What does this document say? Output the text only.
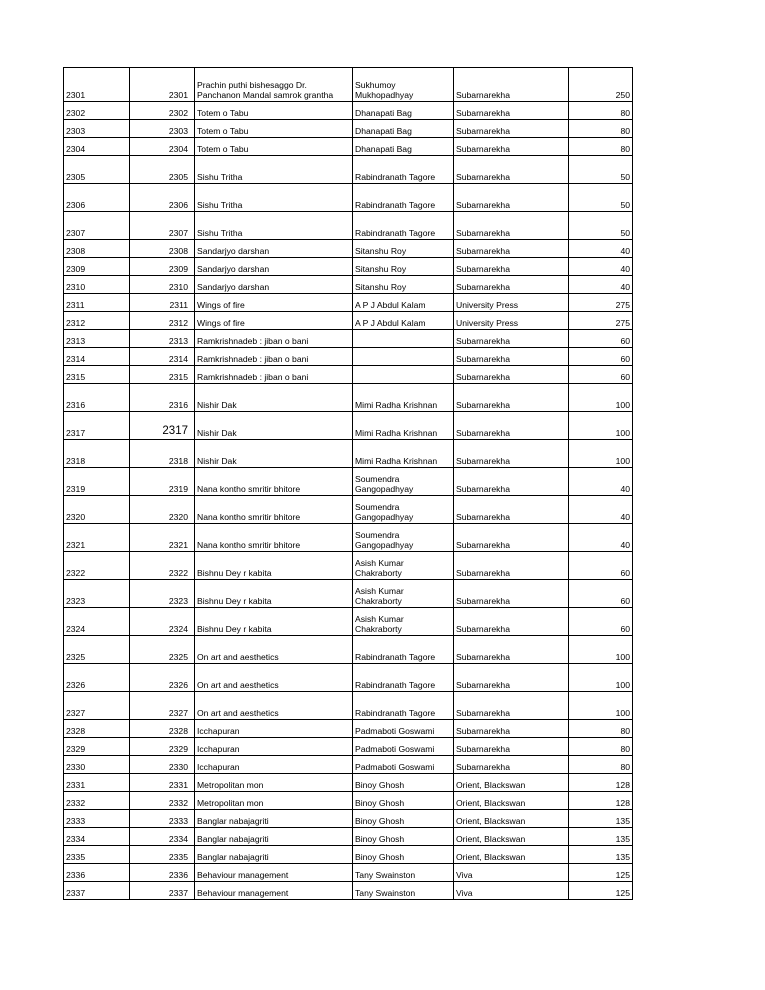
2301	2301	Prachin puthi bishesaggo Dr. Panchanon Mandal samrok grantha	Sukhumoy Mukhopadhyay	Subarnarekha	250
2302	2302	Totem o Tabu	Dhanapati Bag	Subarnarekha	80
2303	2303	Totem o Tabu	Dhanapati Bag	Subarnarekha	80
2304	2304	Totem o Tabu	Dhanapati Bag	Subarnarekha	80
2305	2305	Sishu Tritha	Rabindranath Tagore	Subarnarekha	50
2306	2306	Sishu Tritha	Rabindranath Tagore	Subarnarekha	50
2307	2307	Sishu Tritha	Rabindranath Tagore	Subarnarekha	50
2308	2308	Sandarjyo darshan	Sitanshu Roy	Subarnarekha	40
2309	2309	Sandarjyo darshan	Sitanshu Roy	Subarnarekha	40
2310	2310	Sandarjyo darshan	Sitanshu Roy	Subarnarekha	40
2311	2311	Wings of fire	A P J Abdul Kalam	University Press	275
2312	2312	Wings of fire	A P J Abdul Kalam	University Press	275
2313	2313	Ramkrishnadeb : jiban o bani		Subarnarekha	60
2314	2314	Ramkrishnadeb : jiban o bani		Subarnarekha	60
2315	2315	Ramkrishnadeb : jiban o bani		Subarnarekha	60
2316	2316	Nishir Dak	Mimi Radha Krishnan	Subarnarekha	100
2317	2317	Nishir Dak	Mimi Radha Krishnan	Subarnarekha	100
2318	2318	Nishir Dak	Mimi Radha Krishnan	Subarnarekha	100
2319	2319	Nana kontho smritir bhitore	Soumendra Gangopadhyay	Subarnarekha	40
2320	2320	Nana kontho smritir bhitore	Soumendra Gangopadhyay	Subarnarekha	40
2321	2321	Nana kontho smritir bhitore	Soumendra Gangopadhyay	Subarnarekha	40
2322	2322	Bishnu Dey r kabita	Asish Kumar Chakraborty	Subarnarekha	60
2323	2323	Bishnu Dey r kabita	Asish Kumar Chakraborty	Subarnarekha	60
2324	2324	Bishnu Dey r kabita	Asish Kumar Chakraborty	Subarnarekha	60
2325	2325	On art and aesthetics	Rabindranath Tagore	Subarnarekha	100
2326	2326	On art and aesthetics	Rabindranath Tagore	Subarnarekha	100
2327	2327	On art and aesthetics	Rabindranath Tagore	Subarnarekha	100
2328	2328	Icchapuran	Padmaboti Goswami	Subarnarekha	80
2329	2329	Icchapuran	Padmaboti Goswami	Subarnarekha	80
2330	2330	Icchapuran	Padmaboti Goswami	Subarnarekha	80
2331	2331	Metropolitan mon	Binoy Ghosh	Orient, Blackswan	128
2332	2332	Metropolitan mon	Binoy Ghosh	Orient, Blackswan	128
2333	2333	Banglar nabajagriti	Binoy Ghosh	Orient, Blackswan	135
2334	2334	Banglar nabajagriti	Binoy Ghosh	Orient, Blackswan	135
2335	2335	Banglar nabajagriti	Binoy Ghosh	Orient, Blackswan	135
2336	2336	Behaviour management	Tany Swainston	Viva	125
2337	2337	Behaviour management	Tany Swainston	Viva	125
